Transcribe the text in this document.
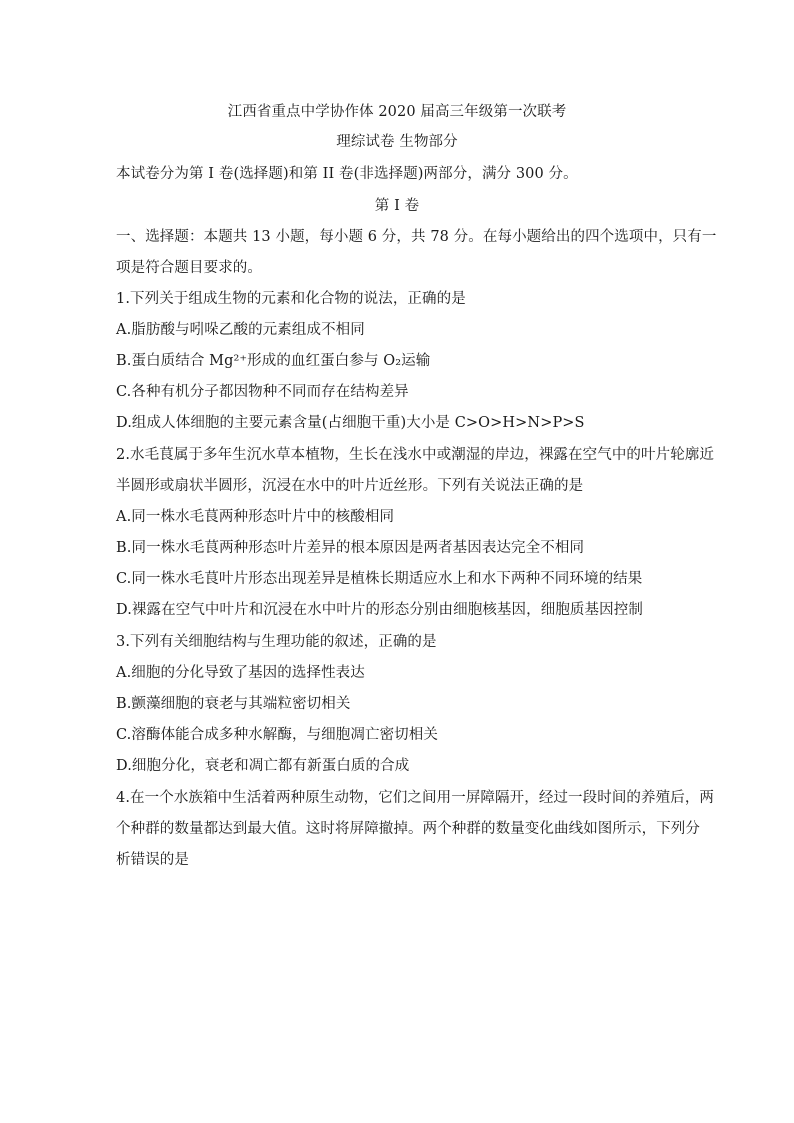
江西省重点中学协作体 2020 届高三年级第一次联考
理综试卷 生物部分
本试卷分为第 I 卷(选择题)和第 II 卷(非选择题)两部分，满分 300 分。
第 I 卷
一、选择题：本题共 13 小题，每小题 6 分，共 78 分。在每小题给出的四个选项中，只有一
项是符合题目要求的。
1.下列关于组成生物的元素和化合物的说法，正确的是
A.脂肪酸与吲哚乙酸的元素组成不相同
B.蛋白质结合 Mg²⁺形成的血红蛋白参与 O₂运输
C.各种有机分子都因物种不同而存在结构差异
D.组成人体细胞的主要元素含量(占细胞干重)大小是 C>O>H>N>P>S
2.水毛茛属于多年生沉水草本植物，生长在浅水中或潮湿的岸边，裸露在空气中的叶片轮廓近
半圆形或扇状半圆形，沉浸在水中的叶片近丝形。下列有关说法正确的是
A.同一株水毛茛两种形态叶片中的核酸相同
B.同一株水毛茛两种形态叶片差异的根本原因是两者基因表达完全不相同
C.同一株水毛茛叶片形态出现差异是植株长期适应水上和水下两种不同环境的结果
D.裸露在空气中叶片和沉浸在水中叶片的形态分别由细胞核基因，细胞质基因控制
3.下列有关细胞结构与生理功能的叙述，正确的是
A.细胞的分化导致了基因的选择性表达
B.颤藻细胞的衰老与其端粒密切相关
C.溶酶体能合成多种水解酶，与细胞凋亡密切相关
D.细胞分化，衰老和凋亡都有新蛋白质的合成
4.在一个水族箱中生活着两种原生动物，它们之间用一屏障隔开，经过一段时间的养殖后，两
个种群的数量都达到最大值。这时将屏障撤掉。两个种群的数量变化曲线如图所示，下列分
析错误的是
